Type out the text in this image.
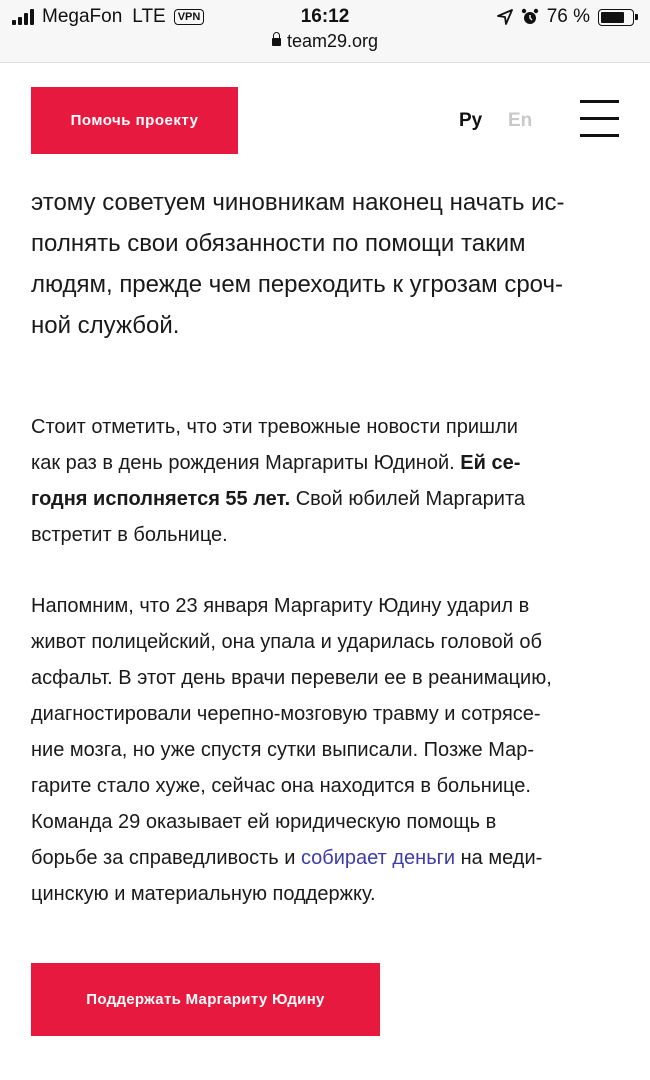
MegaFon LTE	VPN	16:12	76 %
team29.org
Помочь проекту	Ру En

этому советуем чиновникам наконец начать ис-
полнять свои обязанности по помощи таким
людям, прежде чем переходить к угрозам сроч-
ной службой.

Стоит отметить, что эти тревожные новости пришли
как раз в день рождения Маргариты Юдиной. Ей се-
годня исполняется 55 лет. Свой юбилей Маргарита
встретит в больнице.

Напомним, что 23 января Маргариту Юдину ударил в
живот полицейский, она упала и ударилась головой об
асфальт. В этот день врачи перевели ее в реанимацию,
диагностировали черепно-мозговую травму и сотрясе-
ние мозга, но уже спустя сутки выписали. Позже Мар-
гарите стало хуже, сейчас она находится в больнице.
Команда 29 оказывает ей юридическую помощь в
борьбе за справедливость и собирает деньги на меди-
цинскую и материальную поддержку.

Поддержать Маргариту Юдину
